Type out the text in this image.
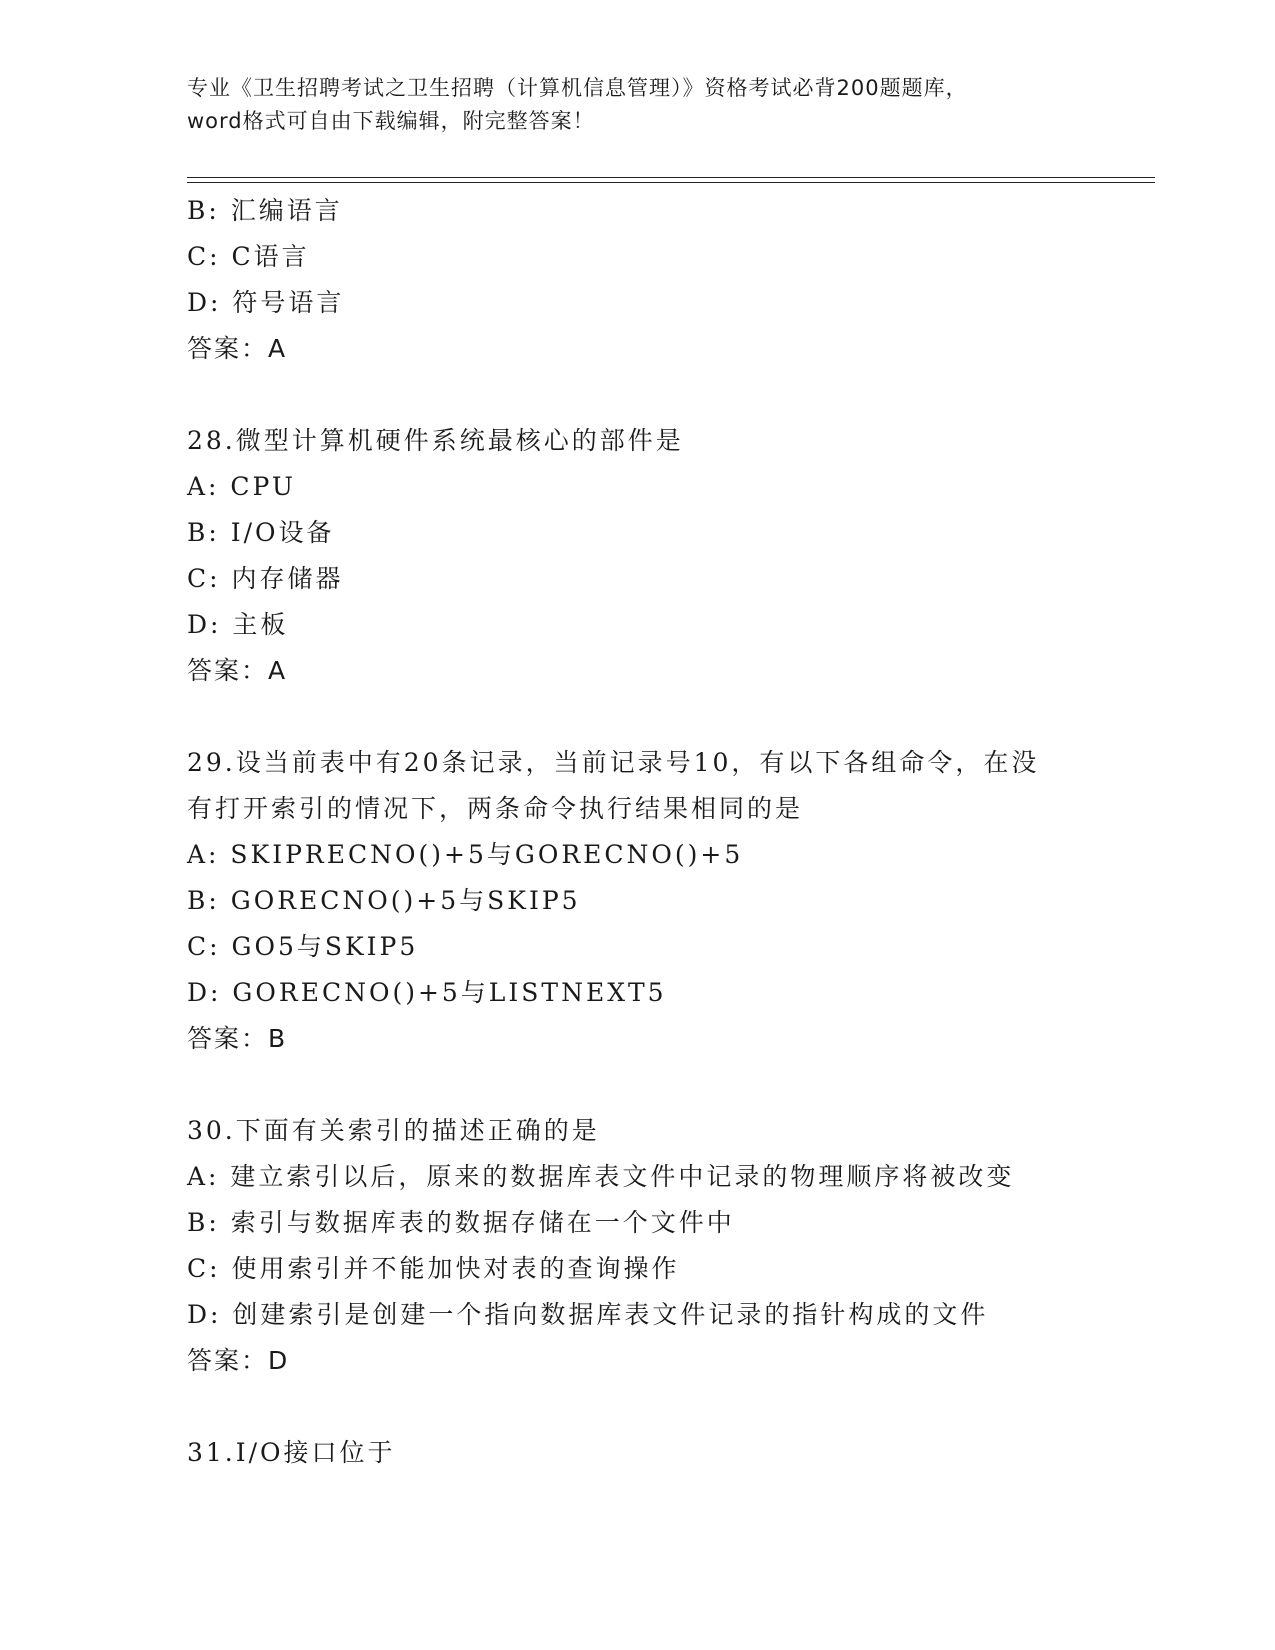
专业《卫生招聘考试之卫生招聘（计算机信息管理）》资格考试必背200题题库，
word格式可自由下载编辑，附完整答案！
B: 汇编语言
C: C语言
D: 符号语言
答案：A
28.微型计算机硬件系统最核心的部件是
A: CPU
B: I/O设备
C: 内存储器
D: 主板
答案：A
29.设当前表中有20条记录，当前记录号10，有以下各组命令，在没
有打开索引的情况下，两条命令执行结果相同的是
A: SKIPRECNO()+5与GORECNO()+5
B: GORECNO()+5与SKIP5
C: GO5与SKIP5
D: GORECNO()+5与LISTNEXT5
答案：B
30.下面有关索引的描述正确的是
A: 建立索引以后，原来的数据库表文件中记录的物理顺序将被改变
B: 索引与数据库表的数据存储在一个文件中
C: 使用索引并不能加快对表的查询操作
D: 创建索引是创建一个指向数据库表文件记录的指针构成的文件
答案：D
31.I/O接口位于
